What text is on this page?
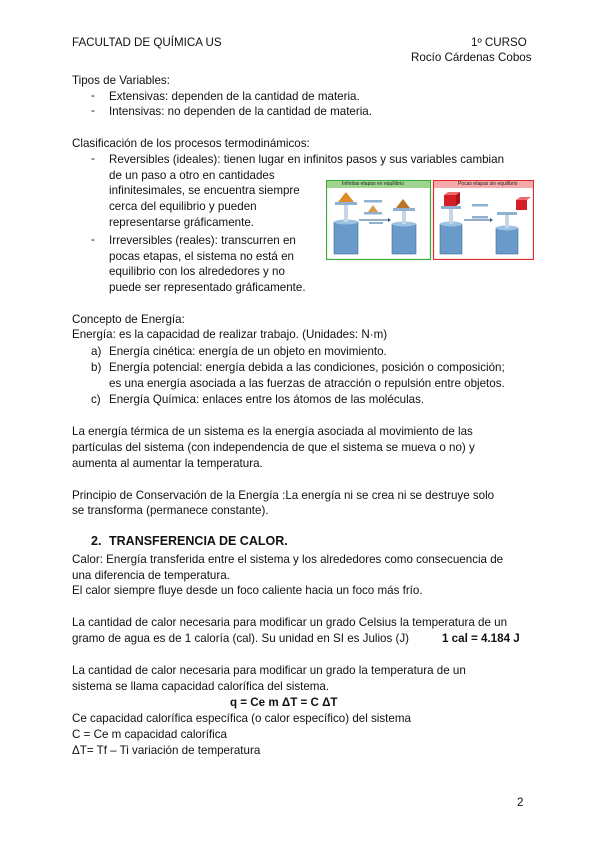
FACULTAD DE QUÍMICA US	1º CURSO
Rocío Cárdenas Cobos
Tipos de Variables:
- Extensivas: dependen de la cantidad de materia.
- Intensivas: no dependen de la cantidad de materia.
Clasificación de los procesos termodinámicos:
- Reversibles (ideales): tienen lugar en infinitos pasos y sus variables cambian
de un paso a otro en cantidades
infinitesimales, se encuentra siempre
cerca del equilibrio y pueden
representarse gráficamente.
- Irreversibles (reales): transcurren en
pocas etapas, el sistema no está en
equilibrio con los alrededores y no
puede ser representado gráficamente.
Infinitas etapas en equilibrio	Pocas etapas sin equilibrio
Concepto de Energía:
Energía: es la capacidad de realizar trabajo. (Unidades: N·m)
a) Energía cinética: energía de un objeto en movimiento.
b) Energía potencial: energía debida a las condiciones, posición o composición;
es una energía asociada a las fuerzas de atracción o repulsión entre objetos.
c) Energía Química: enlaces entre los átomos de las moléculas.
La energía térmica de un sistema es la energía asociada al movimiento de las
partículas del sistema (con independencia de que el sistema se mueva o no) y
aumenta al aumentar la temperatura.
Principio de Conservación de la Energía :La energía ni se crea ni se destruye solo
se transforma (permanece constante).
2. TRANSFERENCIA DE CALOR.
Calor: Energía transferida entre el sistema y los alrededores como consecuencia de
una diferencia de temperatura.
El calor siempre fluye desde un foco caliente hacia un foco más frío.
La cantidad de calor necesaria para modificar un grado Celsius la temperatura de un
gramo de agua es de 1 caloría (cal). Su unidad en SI es Julios (J)	1 cal = 4.184 J
La cantidad de calor necesaria para modificar un grado la temperatura de un
sistema se llama capacidad calorífica del sistema.
q = Ce m ΔT = C ΔT
Ce capacidad calorífica específica (o calor específico) del sistema
C = Ce m capacidad calorífica
ΔT= Tf – Ti variación de temperatura
2
